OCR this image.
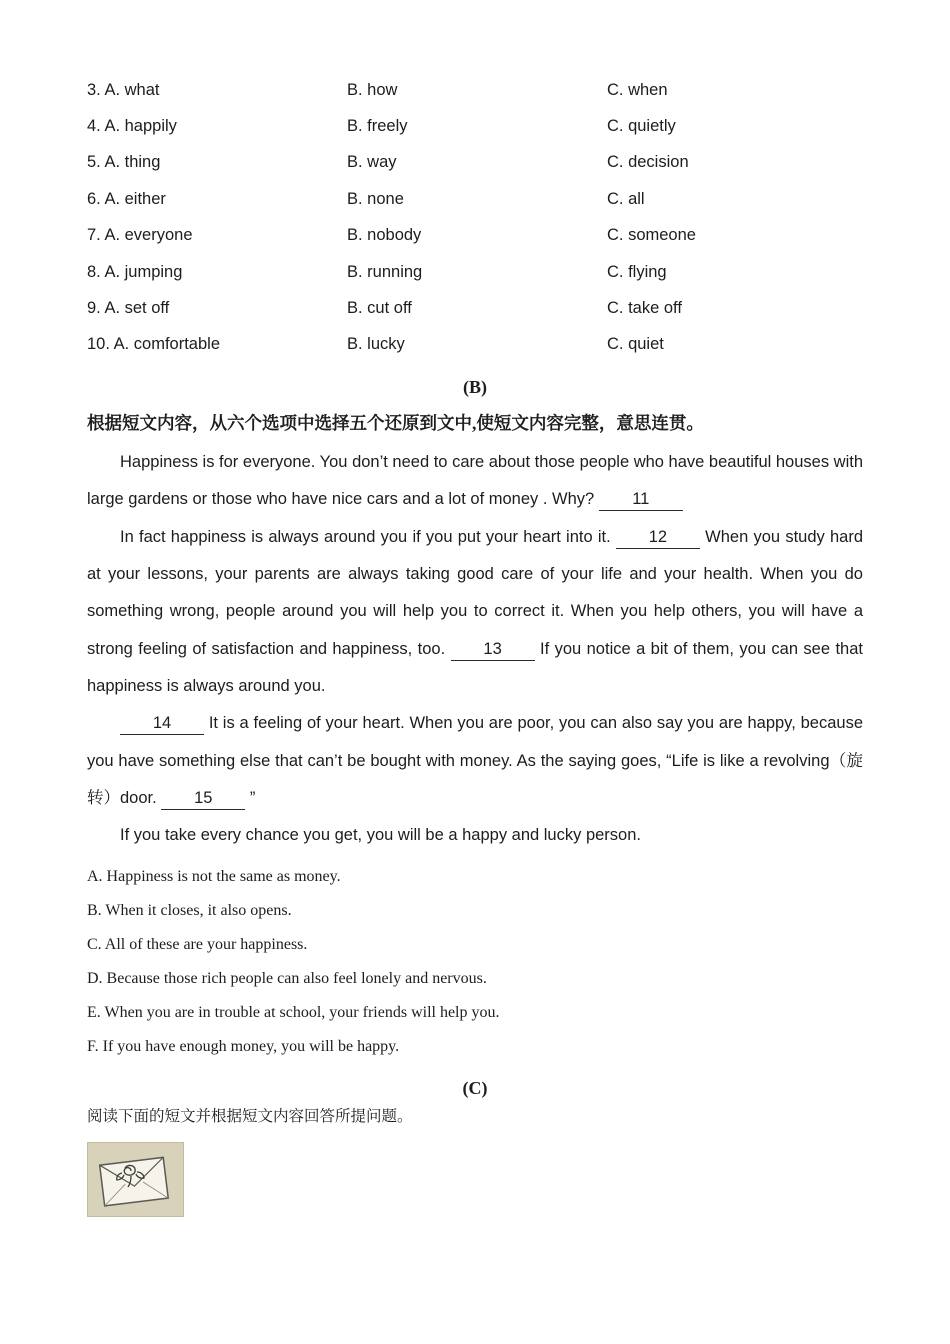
3. A. what	B. how	C. when
4. A. happily	B. freely	C. quietly
5. A. thing	B. way	C. decision
6. A. either	B. none	C. all
7. A. everyone	B. nobody	C. someone
8. A. jumping	B. running	C. flying
9. A. set off	B. cut off	C. take off
10. A. comfortable	B. lucky	C. quiet
(B)
根据短文内容，从六个选项中选择五个还原到文中,使短文内容完整，意思连贯。

Happiness is for everyone. You don’t need to care about those people who have beautiful houses with large gardens or those who have nice cars and a lot of money . Why? 11

In fact happiness is always around you if you put your heart into it. 12 When you study hard at your lessons, your parents are always taking good care of your life and your health. When you do something wrong, people around you will help you to correct it. When you help others, you will have a strong feeling of satisfaction and happiness, too. 13 If you notice a bit of them, you can see that happiness is always around you.

14 It is a feeling of your heart. When you are poor, you can also say you are happy, because you have something else that can’t be bought with money. As the saying goes, “Life is like a revolving（旋转）door. 15 ”

If you take every chance you get, you will be a happy and lucky person.

A. Happiness is not the same as money.

B. When it closes, it also opens.

C. All of these are your happiness.

D. Because those rich people can also feel lonely and nervous.

E. When you are in trouble at school, your friends will help you.

F. If you have enough money, you will be happy.

(C)
阅读下面的短文并根据短文内容回答所提问题。
